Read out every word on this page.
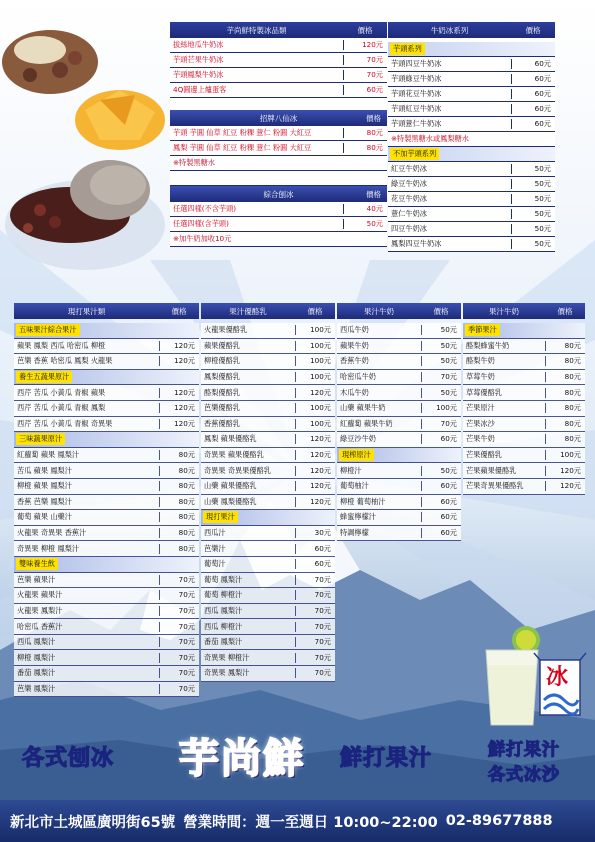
芋尚鮮特製冰品類	價格
拔絲地瓜牛奶冰	120元
芋頭芒果牛奶冰	70元
芋頭鳳梨牛奶冰	70元
4Q圓邊上爐蛋客	60元
招牌八仙冰	價格
芋頭 芋圓 仙草 紅豆 粉粿 薏仁 粉圓 大紅豆	80元
鳳梨 芋圓 仙草 紅豆 粉粿 薏仁 粉圓 大紅豆	80元
※特製黑糖水
綜合刨冰	價格
任選四樣(不含芋頭)	40元
任選四樣(含芋頭)	50元
※加牛奶加收10元
牛奶冰系列	價格
芋頭系列
芋頭四豆牛奶冰	60元
芋頭綠豆牛奶冰	60元
芋頭花豆牛奶冰	60元
芋頭紅豆牛奶冰	60元
芋頭薏仁牛奶冰	60元
※特製黑糖水或鳳梨糖水
不加芋頭系列
紅豆牛奶冰	50元
綠豆牛奶冰	50元
花豆牛奶冰	50元
薏仁牛奶冰	50元
四豆牛奶冰	50元
鳳梨四豆牛奶冰	50元
現打果汁類	價格
五味果汁綜合果汁
蘋果 鳳梨 西瓜 哈密瓜 柳橙	120元
芭樂 香蕉 哈密瓜 鳳梨 火龍果	120元
養生五蔬果原汁
西芹 苦瓜 小黃瓜 青椒 蘋果	120元
西芹 苦瓜 小黃瓜 青椒 鳳梨	120元
西芹 苦瓜 小黃瓜 青椒 奇異果	120元
三味蔬果原汁
紅蘿蔔 蘋果 鳳梨汁	80元
苦瓜 蘋果 鳳梨汁	80元
柳橙 蘋果 鳳梨汁	80元
香蕉 芭樂 鳳梨汁	80元
葡萄 蘋果 山藥汁	80元
火龍果 奇異果 香蕉汁	80元
奇異果 柳橙 鳳梨汁	80元
雙味養生飲
芭樂 蘋果汁	70元
火龍果 蘋果汁	70元
火龍果 鳳梨汁	70元
哈密瓜 香蕉汁	70元
西瓜 鳳梨汁	70元
柳橙 鳳梨汁	70元
番茄 鳳梨汁	70元
芭樂 鳳梨汁	70元
果汁優酪乳	價格
火龍果優酪乳	100元
蘋果優酪乳	100元
柳橙優酪乳	100元
鳳梨優酪乳	100元
酪梨優酪乳	120元
芭樂優酪乳	100元
香蕉優酪乳	100元
鳳梨 蘋果優酪乳	120元
奇異果 蘋果優酪乳	120元
奇異果 奇異果優酪乳	120元
山藥 蘋果優酪乳	120元
山藥 鳳梨優酪乳	120元
現打果汁
西瓜汁	30元
芭樂汁	60元
葡萄汁	60元
葡萄 鳳梨汁	70元
葡萄 柳橙汁	70元
西瓜 鳳梨汁	70元
西瓜 柳橙汁	70元
番茄 鳳梨汁	70元
奇異果 柳橙汁	70元
奇異果 鳳梨汁	70元
果汁牛奶	價格
西瓜牛奶	50元
蘋果牛奶	50元
香蕉牛奶	50元
哈密瓜牛奶	70元
木瓜牛奶	50元
山藥 蘋果牛奶	100元
紅蘿蔔 蘋果牛奶	70元
綠豆沙牛奶	60元
現榨原汁
柳橙汁	50元
葡萄柚汁	60元
柳橙 葡萄柚汁	60元
蜂蜜檸檬汁	60元
特調檸檬	60元
果汁牛奶	價格
季節果汁
酪梨蜂蜜牛奶	80元
酪梨牛奶	80元
草莓牛奶	80元
草莓優酪乳	80元
芒果原汁	80元
芒果冰沙	80元
芒果牛奶	80元
芒果優酪乳	100元
芒果蘋果優酪乳	120元
芒果奇異果優酪乳	120元
冰
各式刨冰	芋尚鮮	鮮打果汁	鮮打果汁
各式冰沙
新北市土城區廣明街65號 營業時間：週一至週日 10:00~22:00 02-89677888
